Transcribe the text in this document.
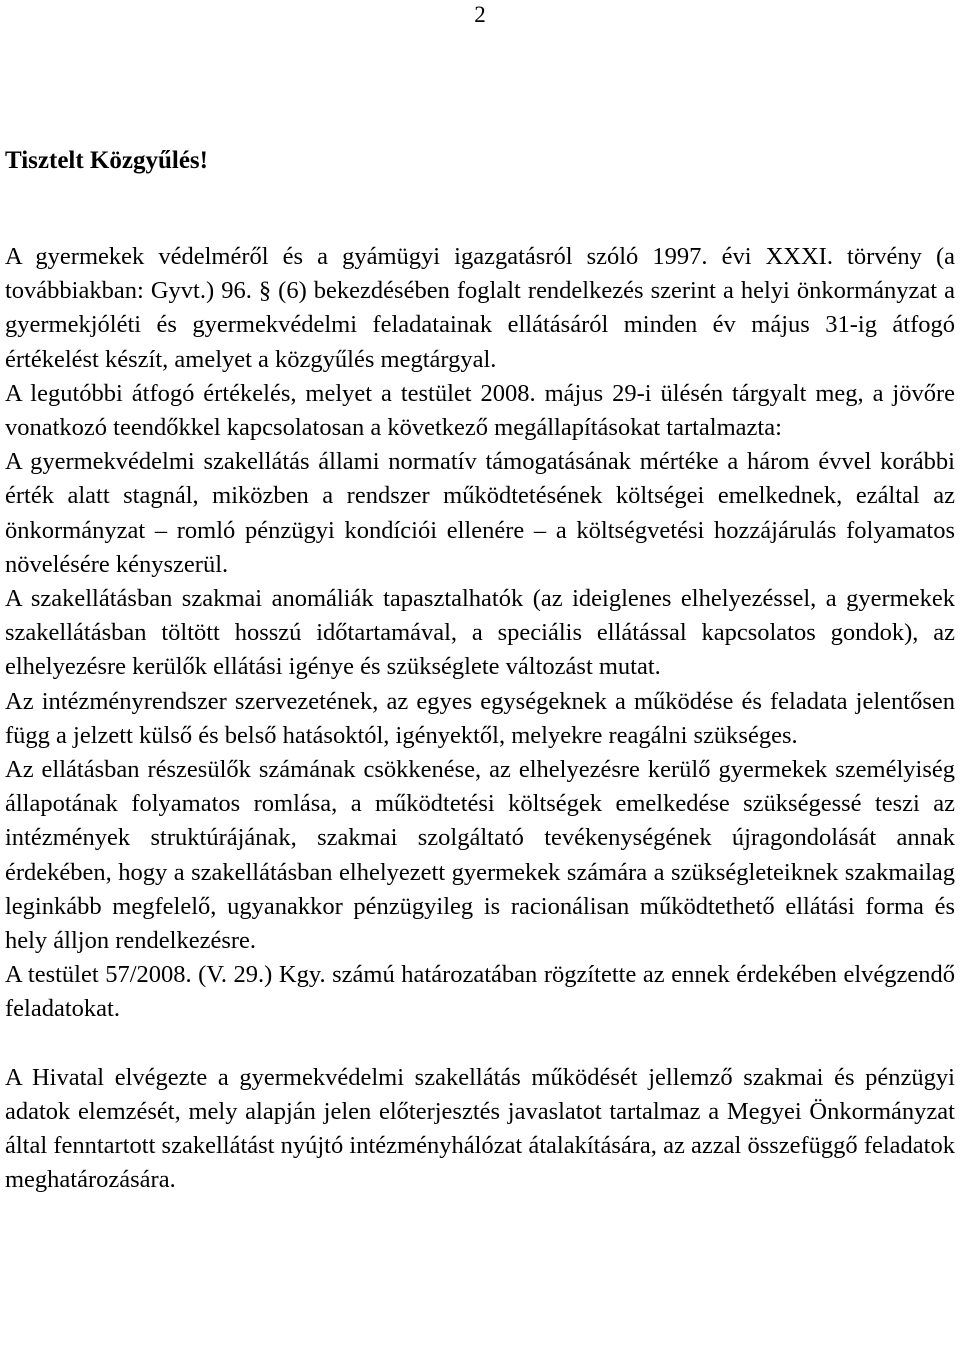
2
Tisztelt Közgyűlés!

A gyermekek védelméről és a gyámügyi igazgatásról szóló 1997. évi XXXI. törvény (a továbbiakban: Gyvt.) 96. § (6) bekezdésében foglalt rendelkezés szerint a helyi önkormányzat a gyermekjóléti és gyermekvédelmi feladatainak ellátásáról minden év május 31-ig átfogó értékelést készít, amelyet a közgyűlés megtárgyal.

A legutóbbi átfogó értékelés, melyet a testület 2008. május 29-i ülésén tárgyalt meg, a jövőre vonatkozó teendőkkel kapcsolatosan a következő megállapításokat tartalmazta:

A gyermekvédelmi szakellátás állami normatív támogatásának mértéke a három évvel korábbi érték alatt stagnál, miközben a rendszer működtetésének költségei emelkednek, ezáltal az önkormányzat – romló pénzügyi kondíciói ellenére – a költségvetési hozzájárulás folyamatos növelésére kényszerül.

A szakellátásban szakmai anomáliák tapasztalhatók (az ideiglenes elhelyezéssel, a gyermekek szakellátásban töltött hosszú időtartamával, a speciális ellátással kapcsolatos gondok), az elhelyezésre kerülők ellátási igénye és szükséglete változást mutat.

Az intézményrendszer szervezetének, az egyes egységeknek a működése és feladata jelentősen függ a jelzett külső és belső hatásoktól, igényektől, melyekre reagálni szükséges.

Az ellátásban részesülők számának csökkenése, az elhelyezésre kerülő gyermekek személyiség állapotának folyamatos romlása, a működtetési költségek emelkedése szükségessé teszi az intézmények struktúrájának, szakmai szolgáltató tevékenységének újragondolását annak érdekében, hogy a szakellátásban elhelyezett gyermekek számára a szükségleteiknek szakmailag leginkább megfelelő, ugyanakkor pénzügyileg is racionálisan működtethető ellátási forma és hely álljon rendelkezésre.

A testület 57/2008. (V. 29.) Kgy. számú határozatában rögzítette az ennek érdekében elvégzendő feladatokat.

A Hivatal elvégezte a gyermekvédelmi szakellátás működését jellemző szakmai és pénzügyi adatok elemzését, mely alapján jelen előterjesztés javaslatot tartalmaz a Megyei Önkormányzat által fenntartott szakellátást nyújtó intézményhálózat átalakítására, az azzal összefüggő feladatok meghatározására.
